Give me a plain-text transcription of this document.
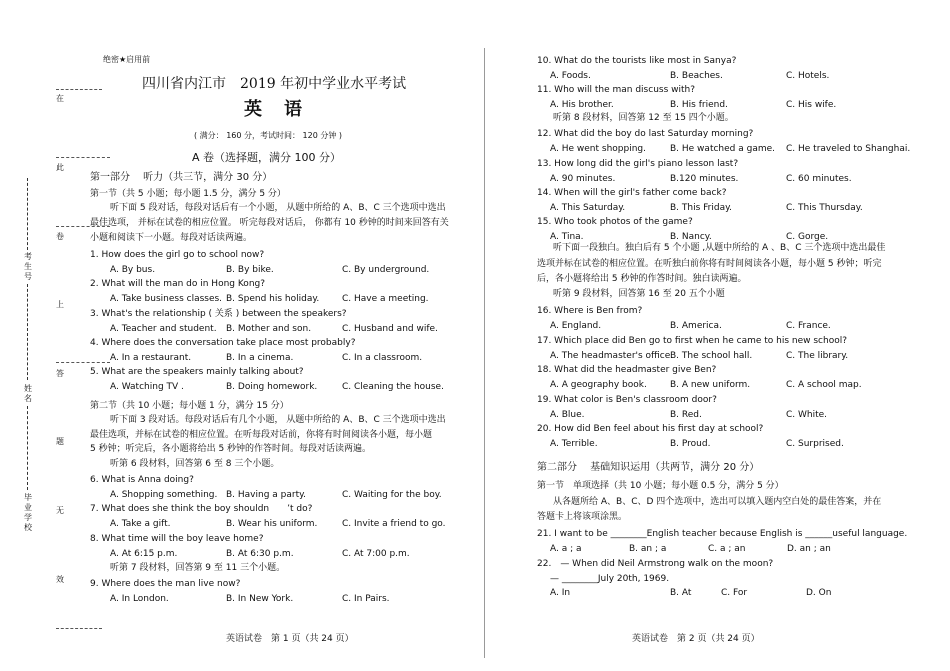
绝密★启用前
在
此
卷
上
答
题
无
效
考
生
号
姓
名
毕
业
学
校
四川省内江市　2019 年初中学业水平考试
英　语
( 满分： 160 分，考试时间： 120 分钟 )
A 卷（选择题，满分 100 分）
第一部分　 听力（共三节，满分 30 分）
第一节（共 5 小题；每小题 1.5 分，满分 5 分）
听下面 5 段对话，每段对话后有一个小题， 从题中所给的 A、B、C 三个选项中选出
最佳选项， 并标在试卷的相应位置。 听完每段对话后， 你都有 10 秒钟的时间来回答有关
小题和阅读下一小题。每段对话读两遍。
第二节（共 10 小题；每小题 1 分，满分 15 分）
听下面 3 段对话。每段对话后有几个小题， 从题中所给的 A、B、C 三个选项中选出
最佳选项，并标在试卷的相应位置。在听每段对话前，你将有时间阅读各小题，每小题
5 秒钟；听完后，各小题将给出 5 秒钟的作答时间。每段对话读两遍。
听第 6 段材料，回答第 6 至 8 三个小题。
听第 7 段材料，回答第 9 至 11 三个小题。
英语试卷　第 1 页（共 24 页）
听第 8 段材料，回答第 12 至 15 四个小题。
听下面一段独白。独白后有 5 个小题 ,从题中所给的 A 、B、C 三个选项中选出最佳
选项并标在试卷的相应位置。在听独白前你将有时间阅读各小题，每小题 5 秒钟；听完
后，各小题将给出 5 秒钟的作答时间。独白读两遍。
听第 9 段材料，回答第 16 至 20 五个小题
第二部分　 基础知识运用（共两节，满分 20 分）
第一节　单项选择（共 10 小题；每小题 0.5 分，满分 5 分）
从各题所给 A、B、C、D 四个选项中，选出可以填入题内空白处的最佳答案，并在
答题卡上将该项涂黑。
21. I want to be ________English teacher because English is ______useful language.
A. a ; a	B. an ; a	C. a ; an	D. an ; an
22.　— When did Neil Armstrong walk on the moon?
— ________July 20th, 1969.
A. In	B. At	C. For	D. On
英语试卷　第 2 页（共 24 页）
1. How does the girl go to school now?
A. By bus.	B. By bike.	C. By underground.
2. What will the man do in Hong Kong?
A. Take business classes. B. Spend his holiday.	C. Have a meeting.
3. What's the relationship ( 关系 ) between the speakers?
A. Teacher and student. B. Mother and son.	C. Husband and wife.
4. Where does the conversation take place most probably?
A. In a restaurant.	B. In a cinema.	C. In a classroom.
5. What are the speakers mainly talking about?
A. Watching TV .	B. Doing homework.	C. Cleaning the house.
6. What is Anna doing?
A. Shopping something. B. Having a party.	C. Waiting for the boy.
7. What does she think the boy shouldn　　’t do?
A. Take a gift.	B. Wear his uniform.	C. Invite a friend to go.
8. What time will the boy leave home?
A. At 6:15 p.m.	B. At 6:30 p.m.	C. At 7:00 p.m.
9. Where does the man live now?
A. In London.	B. In New York.	C. In Pairs.
10. What do the tourists like most in Sanya?
A. Foods.	B. Beaches.	C. Hotels.
11. Who will the man discuss with?
A. His brother.	B. His friend.	C. His wife.
12. What did the boy do last Saturday morning?
A. He went shopping.	B. He watched a game. C. He traveled to Shanghai.
13. How long did the girl's piano lesson last?
A. 90 minutes.	B.120 minutes.	C. 60 minutes.
14. When will the girl's father come back?
A. This Saturday.	B. This Friday.	C. This Thursday.
15. Who took photos of the game?
A. Tina.	B. Nancy.	C. Gorge.
16. Where is Ben from?
A. England.	B. America.	C. France.
17. Which place did Ben go to first when he came to his new school?
A. The headmaster's office.
B. The school hall.	C. The library.
18. What did the headmaster give Ben?
A. A geography book.	B. A new uniform.	C. A school map.
19. What color is Ben's classroom door?
A. Blue.	B. Red.	C. White.
20. How did Ben feel about his first day at school?
A. Terrible.	B. Proud.	C. Surprised.
